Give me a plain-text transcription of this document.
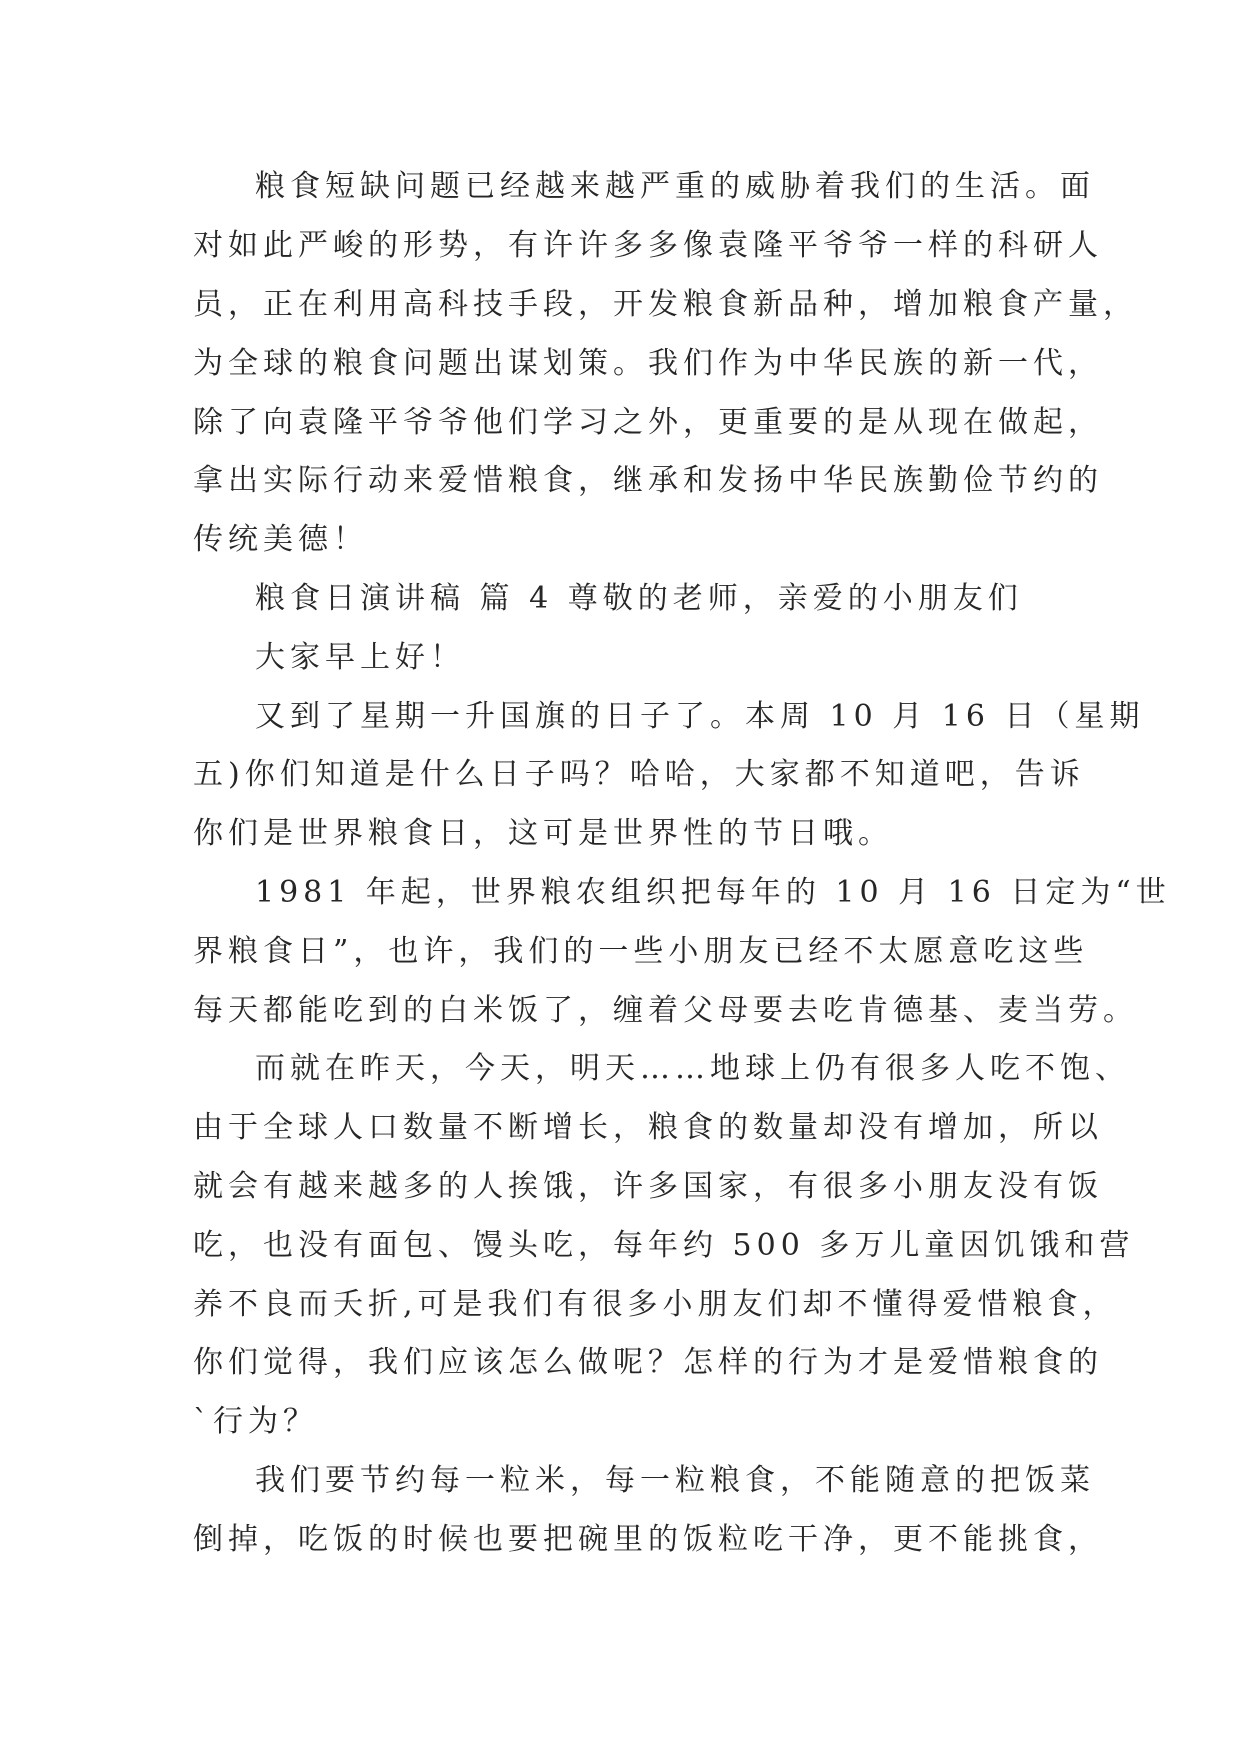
粮食短缺问题已经越来越严重的威胁着我们的生活。面
对如此严峻的形势，有许许多多像袁隆平爷爷一样的科研人
员，正在利用高科技手段，开发粮食新品种，增加粮食产量，
为全球的粮食问题出谋划策。我们作为中华民族的新一代，
除了向袁隆平爷爷他们学习之外，更重要的是从现在做起，
拿出实际行动来爱惜粮食，继承和发扬中华民族勤俭节约的
传统美德！
粮食日演讲稿 篇 4 尊敬的老师，亲爱的小朋友们
大家早上好！
又到了星期一升国旗的日子了。本周 10 月 16 日（星期
五)你们知道是什么日子吗？哈哈，大家都不知道吧，告诉
你们是世界粮食日，这可是世界性的节日哦。
1981 年起，世界粮农组织把每年的 10 月 16 日定为“世
界粮食日”，也许，我们的一些小朋友已经不太愿意吃这些
每天都能吃到的白米饭了，缠着父母要去吃肯德基、麦当劳。
而就在昨天，今天，明天……地球上仍有很多人吃不饱、
由于全球人口数量不断增长，粮食的数量却没有增加，所以
就会有越来越多的人挨饿，许多国家，有很多小朋友没有饭
吃，也没有面包、馒头吃，每年约 500 多万儿童因饥饿和营
养不良而夭折,可是我们有很多小朋友们却不懂得爱惜粮食，
你们觉得，我们应该怎么做呢？怎样的行为才是爱惜粮食的
`行为？
我们要节约每一粒米，每一粒粮食，不能随意的把饭菜
倒掉，吃饭的时候也要把碗里的饭粒吃干净，更不能挑食，
